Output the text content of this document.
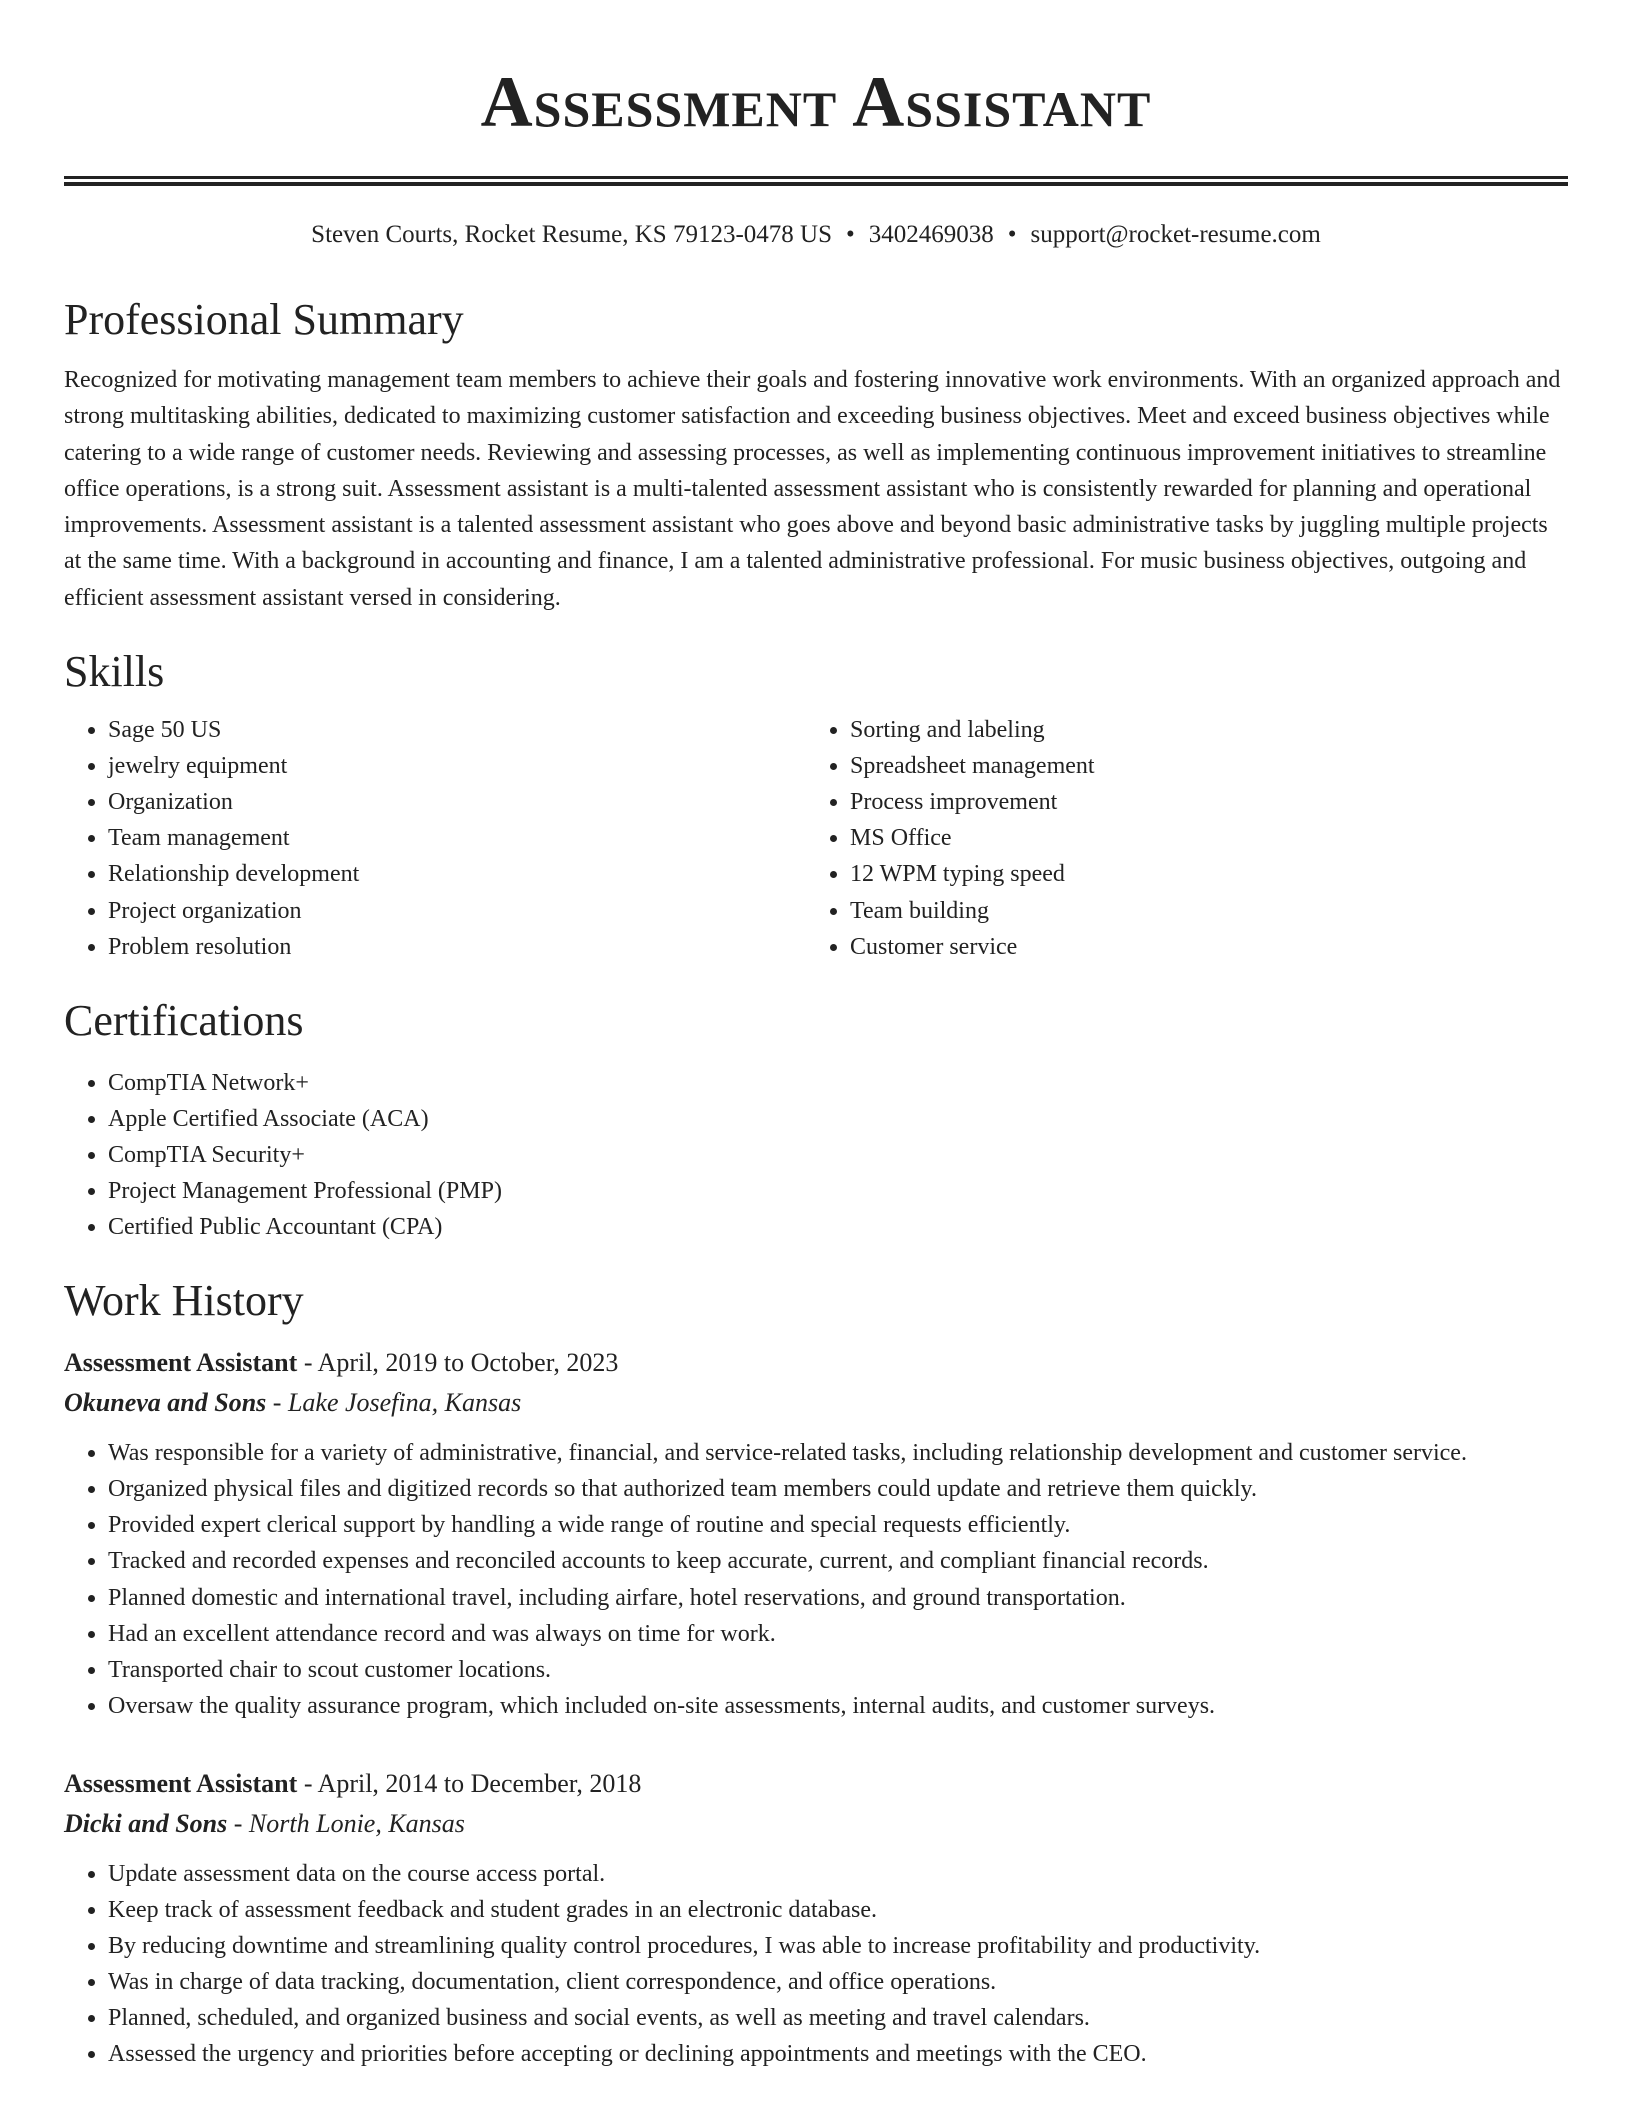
Assessment Assistant
Steven Courts, Rocket Resume, KS 79123-0478 US • 3402469038 • support@rocket-resume.com
Professional Summary

Recognized for motivating management team members to achieve their goals and fostering innovative work environments. With an organized approach and strong multitasking abilities, dedicated to maximizing customer satisfaction and exceeding business objectives. Meet and exceed business objectives while catering to a wide range of customer needs. Reviewing and assessing processes, as well as implementing continuous improvement initiatives to streamline office operations, is a strong suit. Assessment assistant is a multi-talented assessment assistant who is consistently rewarded for planning and operational improvements. Assessment assistant is a talented assessment assistant who goes above and beyond basic administrative tasks by juggling multiple projects at the same time. With a background in accounting and finance, I am a talented administrative professional. For music business objectives, outgoing and efficient assessment assistant versed in considering.

Skills
• Sage 50 US
• jewelry equipment
• Organization
• Team management
• Relationship development
• Project organization
• Problem resolution
• Sorting and labeling
• Spreadsheet management
• Process improvement
• MS Office
• 12 WPM typing speed
• Team building
• Customer service
Certifications
• CompTIA Network+
• Apple Certified Associate (ACA)
• CompTIA Security+
• Project Management Professional (PMP)
• Certified Public Accountant (CPA)
Work History
Assessment Assistant - April, 2019 to October, 2023
Okuneva and Sons - Lake Josefina, Kansas
• Was responsible for a variety of administrative, financial, and service-related tasks, including relationship development and customer service.
• Organized physical files and digitized records so that authorized team members could update and retrieve them quickly.
• Provided expert clerical support by handling a wide range of routine and special requests efficiently.
• Tracked and recorded expenses and reconciled accounts to keep accurate, current, and compliant financial records.
• Planned domestic and international travel, including airfare, hotel reservations, and ground transportation.
• Had an excellent attendance record and was always on time for work.
• Transported chair to scout customer locations.
• Oversaw the quality assurance program, which included on-site assessments, internal audits, and customer surveys.
Assessment Assistant - April, 2014 to December, 2018
Dicki and Sons - North Lonie, Kansas
• Update assessment data on the course access portal.
• Keep track of assessment feedback and student grades in an electronic database.
• By reducing downtime and streamlining quality control procedures, I was able to increase profitability and productivity.
• Was in charge of data tracking, documentation, client correspondence, and office operations.
• Planned, scheduled, and organized business and social events, as well as meeting and travel calendars.
• Assessed the urgency and priorities before accepting or declining appointments and meetings with the CEO.
